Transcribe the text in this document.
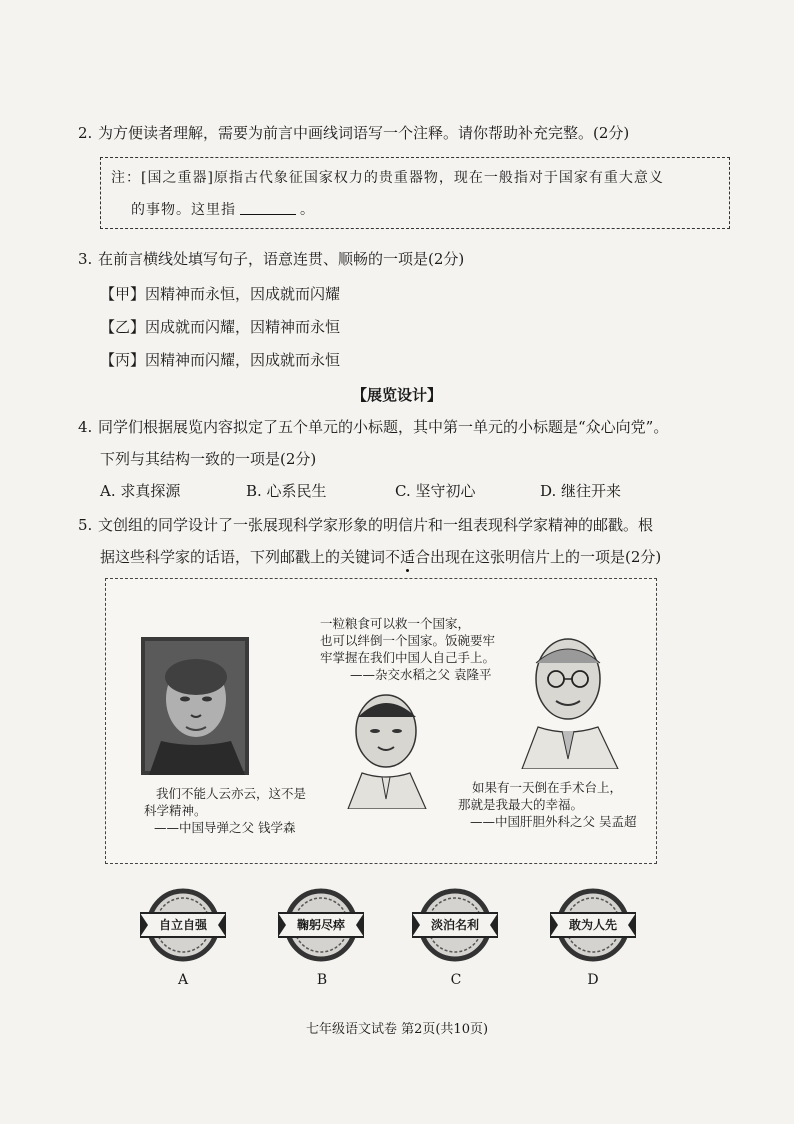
2. 为方便读者理解，需要为前言中画线词语写一个注释。请你帮助补充完整。(2分)
注：[国之重器]原指古代象征国家权力的贵重器物，现在一般指对于国家有重大意义
的事物。这里指	。
3. 在前言横线处填写句子，语意连贯、顺畅的一项是(2分)
【甲】因精神而永恒，因成就而闪耀
【乙】因成就而闪耀，因精神而永恒
【丙】因精神而闪耀，因成就而永恒
【展览设计】
4. 同学们根据展览内容拟定了五个单元的小标题，其中第一单元的小标题是“众心向党”。
下列与其结构一致的一项是(2分)
A. 求真探源	B. 心系民生	C. 坚守初心	D. 继往开来
5. 文创组的同学设计了一张展现科学家形象的明信片和一组表现科学家精神的邮戳。根
据这些科学家的话语，下列邮戳上的关键词不适合出现在这张明信片上的一项是(2分)
一粒粮食可以救一个国家，
也可以绊倒一个国家。饭碗要牢
牢掌握在我们中国人自己手上。
——杂交水稻之父 袁隆平
我们不能人云亦云，这不是
科学精神。
——中国导弹之父 钱学森
如果有一天倒在手术台上，
那就是我最大的幸福。
——中国肝胆外科之父 吴孟超
自立自强	鞠躬尽瘁	淡泊名利	敢为人先
A	B	C	D
七年级语文试卷 第2页(共10页)
